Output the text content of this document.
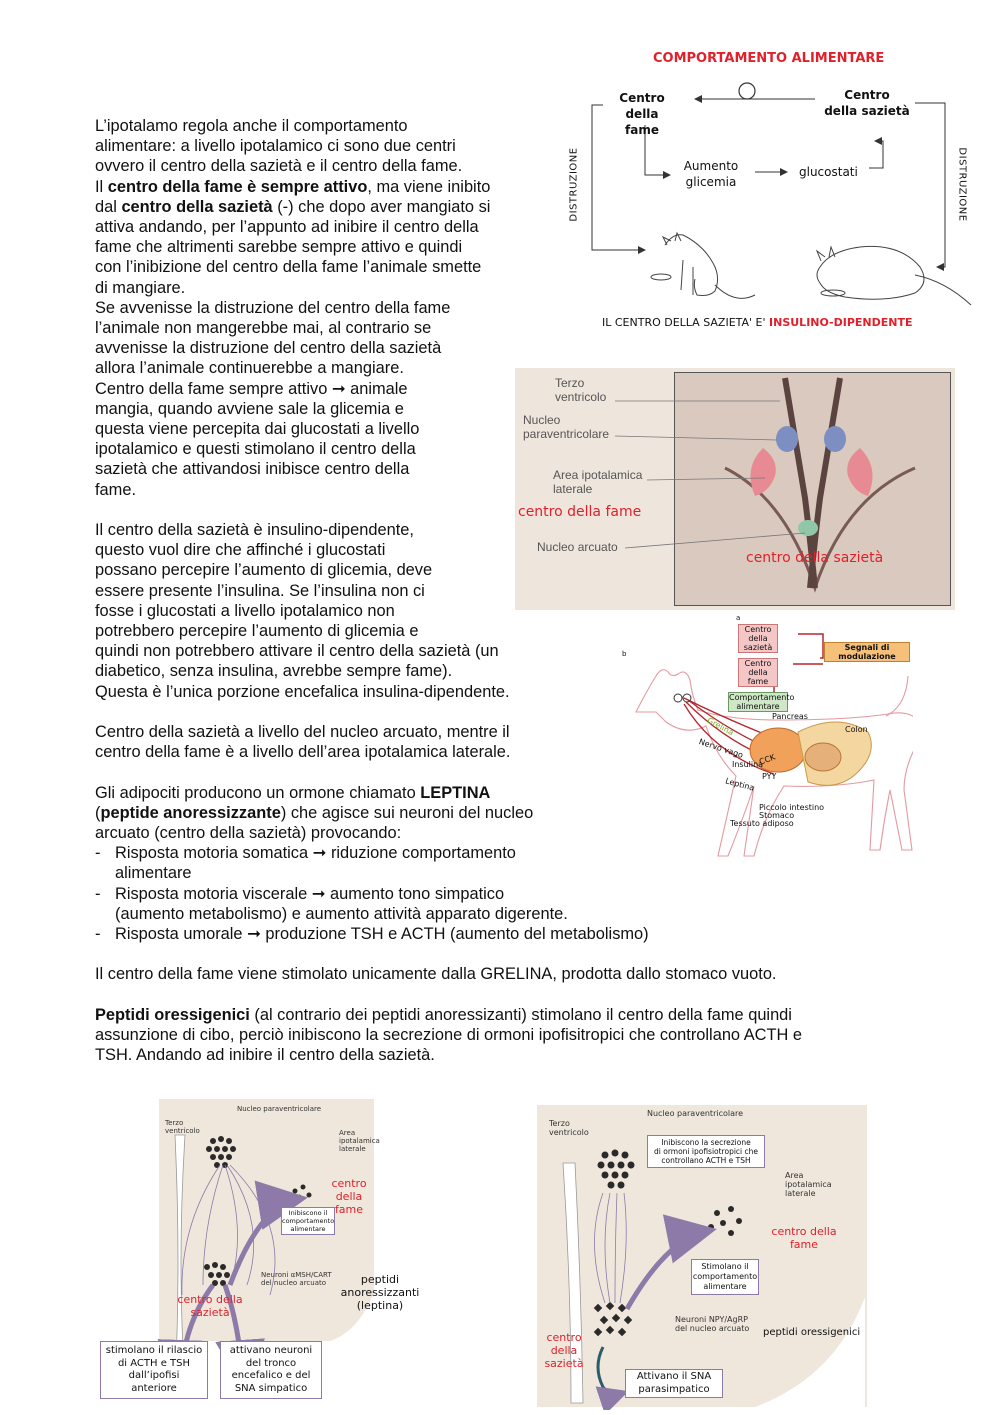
COMPORTAMENTO ALIMENTARE
Centro
della fame
Centro
della sazietà
Aumento
glicemia
glucostati
DISTRUZIONE	DISTRUZIONE
IL CENTRO DELLA SAZIETA' E' INSULINO-DIPENDENTE
Terzo
ventricolo
Nucleo
paraventricolare
Area ipotalamica
laterale
centro della fame
Nucleo arcuato
centro della sazietà
a
b
Centro
della sazietà
Centro
della fame
Comportamento
alimentare
Segnali di modulazione
Pancreas
Colon
Grelina
Nervo vago
Insulina
CCK
PYY
Leptina
Piccolo intestino
Stomaco
Tessuto adiposo
L’ipotalamo regola anche il comportamento
alimentare: a livello ipotalamico ci sono due centri
ovvero il centro della sazietà e il centro della fame.
Il centro della fame è sempre attivo, ma viene inibito
dal centro della sazietà (-) che dopo aver mangiato si
attiva andando, per l’appunto ad inibire il centro della
fame che altrimenti sarebbe sempre attivo e quindi
con l’inibizione del centro della fame l’animale smette
di mangiare.
Se avvenisse la distruzione del centro della fame
l’animale non mangerebbe mai, al contrario se
avvenisse la distruzione del centro della sazietà
allora l’animale continuerebbe a mangiare.
Centro della fame sempre attivo ➞ animale
mangia, quando avviene sale la glicemia e
questa viene percepita dai glucostati a livello
ipotalamico e questi stimolano il centro della
sazietà che attivandosi inibisce centro della
fame.
Il centro della sazietà è insulino-dipendente,
questo vuol dire che affinché i glucostati
possano percepire l’aumento di glicemia, deve
essere presente l’insulina. Se l’insulina non ci
fosse i glucostati a livello ipotalamico non
potrebbero percepire l’aumento di glicemia e
quindi non potrebbero attivare il centro della sazietà (un
diabetico, senza insulina, avrebbe sempre fame).
Questa è l’unica porzione encefalica insulina-dipendente.
Centro della sazietà a livello del nucleo arcuato, mentre il
centro della fame è a livello dell’area ipotalamica laterale.
Gli adipociti producono un ormone chiamato LEPTINA
(peptide anoressizzante) che agisce sui neuroni del nucleo
arcuato (centro della sazietà) provocando:
- Risposta motoria somatica ➞ riduzione comportamento
alimentare
- Risposta motoria viscerale ➞ aumento tono simpatico
(aumento metabolismo) e aumento attività apparato digerente.
- Risposta umorale ➞ produzione TSH e ACTH (aumento del metabolismo)
Il centro della fame viene stimolato unicamente dalla GRELINA, prodotta dallo stomaco vuoto.
Peptidi oressigenici (al contrario dei peptidi anoressizanti) stimolano il centro della fame quindi
assunzione di cibo, perciò inibiscono la secrezione di ormoni ipofisitropici che controllano ACTH e
TSH. Andando ad inibire il centro della sazietà.
Nucleo paraventricolare
Terzo
ventricolo	Area
ipotalamica
laterale
centro della
fame
Inibiscono il
comportamento
alimentare
Neuroni αMSH/CART
del nucleo arcuato
centro della
sazietà
peptidi anoressizzanti
(leptina)
stimolano il rilascio
di ACTH e TSH
dall’ipofisi
anteriore
attivano neuroni
del tronco
encefalico e del
SNA simpatico
Nucleo paraventricolare
Terzo
ventricolo
Inibiscono la secrezione
di ormoni ipofisiotropici che
controllano ACTH e TSH
Area
ipotalamica
laterale
centro della
fame
Stimolano il
comportamento
alimentare
Neuroni NPY/AgRP
del nucleo arcuato peptidi oressigenici
centro della
sazietà
Attivano il SNA
parasimpatico
